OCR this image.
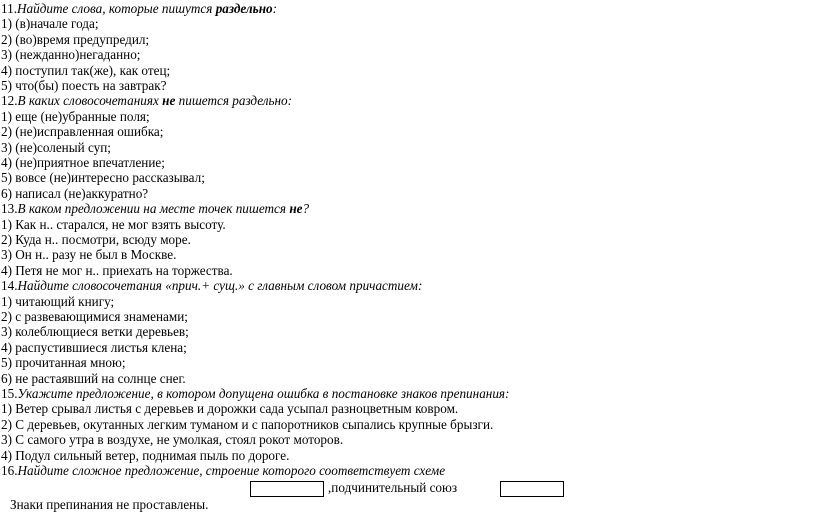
11.Найдите слова, которые пишутся раздельно:
1) (в)начале года;
2) (во)время предупредил;
3) (нежданно)негаданно;
4) поступил так(же), как отец;
5) что(бы) поесть на завтрак?
12.В каких словосочетаниях не пишется раздельно:
1) еще (не)убранные поля;
2) (не)исправленная ошибка;
3) (не)соленый суп;
4) (не)приятное впечатление;
5) вовсе (не)интересно рассказывал;
6) написал (не)аккуратно?
13.В каком предложении на месте точек пишется не?
1) Как н.. старался, не мог взять высоту.
2) Куда н.. посмотри, всюду море.
3) Он н.. разу не был в Москве.
4) Петя не мог н.. приехать на торжества.
14.Найдите словосочетания «прич.+ сущ.» с главным словом причастием:
1) читающий книгу;
2) с развевающимися знаменами;
3) колеблющиеся ветки деревьев;
4) распустившиеся листья клена;
5) прочитанная мною;
6) не растаявший на солнце снег.
15.Укажите предложение, в котором допущена ошибка в постановке знаков препинания:
1) Ветер срывал листья с деревьев и дорожки сада усыпал разноцветным ковром.
2) С деревьев, окутанных легким туманом и с папоротников сыпались крупные брызги.
3) С самого утра в воздухе, не умолкая, стоял рокот моторов.
4) Подул сильный ветер, поднимая пыль по дороге.
16.Найдите сложное предложение, строение которого соответствует схеме
,подчинительный союз
Знаки препинания не проставлены.
